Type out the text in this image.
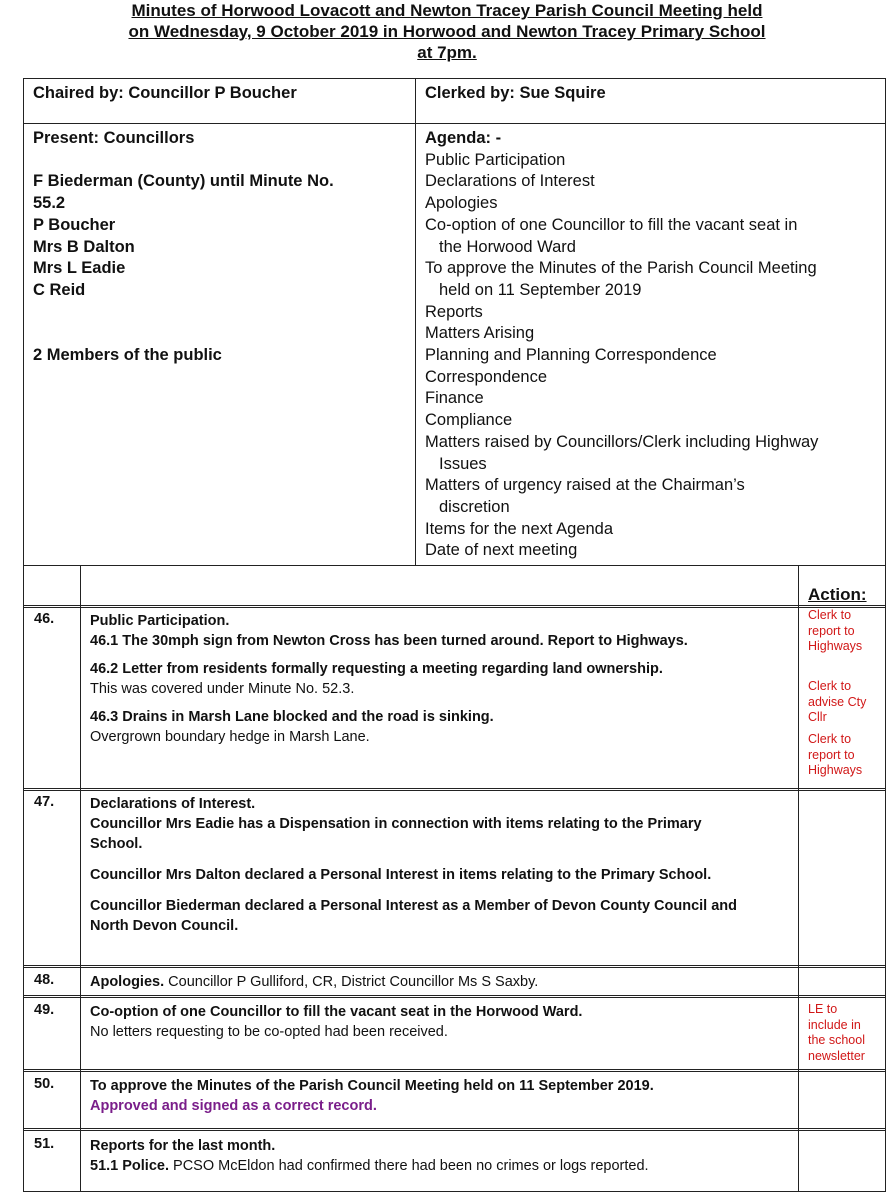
Minutes of Horwood Lovacott and Newton Tracey Parish Council Meeting held
on Wednesday, 9 October 2019 in Horwood and Newton Tracey Primary School
at 7pm.
Chaired by: Councillor P Boucher	Clerked by: Sue Squire
Present: Councillors
F Biederman (County) until Minute No.
55.2
P Boucher
Mrs B Dalton
Mrs L Eadie
C Reid
2 Members of the public
Agenda: -
Public Participation
Declarations of Interest
Apologies
Co-option of one Councillor to fill the vacant seat in
the Horwood Ward
To approve the Minutes of the Parish Council Meeting
held on 11 September 2019
Reports
Matters Arising
Planning and Planning Correspondence
Correspondence
Finance
Compliance
Matters raised by Councillors/Clerk including Highway
Issues
Matters of urgency raised at the Chairman’s
discretion
Items for the next Agenda
Date of next meeting
Action:
46. Public Participation.
46.1 The 30mph sign from Newton Cross has been turned around. Report to Highways.
46.2 Letter from residents formally requesting a meeting regarding land ownership.
This was covered under Minute No. 52.3.
46.3 Drains in Marsh Lane blocked and the road is sinking.
Overgrown boundary hedge in Marsh Lane.
Clerk to
report to
Highways
Clerk to
advise Cty
Cllr
Clerk to
report to
Highways
47. Declarations of Interest.
Councillor Mrs Eadie has a Dispensation in connection with items relating to the Primary
School.
Councillor Mrs Dalton declared a Personal Interest in items relating to the Primary School.
Councillor Biederman declared a Personal Interest as a Member of Devon County Council and
North Devon Council.
48. Apologies. Councillor P Gulliford, CR, District Councillor Ms S Saxby.
49. Co-option of one Councillor to fill the vacant seat in the Horwood Ward.
No letters requesting to be co-opted had been received.
LE to
include in
the school
newsletter
50. To approve the Minutes of the Parish Council Meeting held on 11 September 2019.
Approved and signed as a correct record.
51. Reports for the last month.
51.1 Police. PCSO McEldon had confirmed there had been no crimes or logs reported.
